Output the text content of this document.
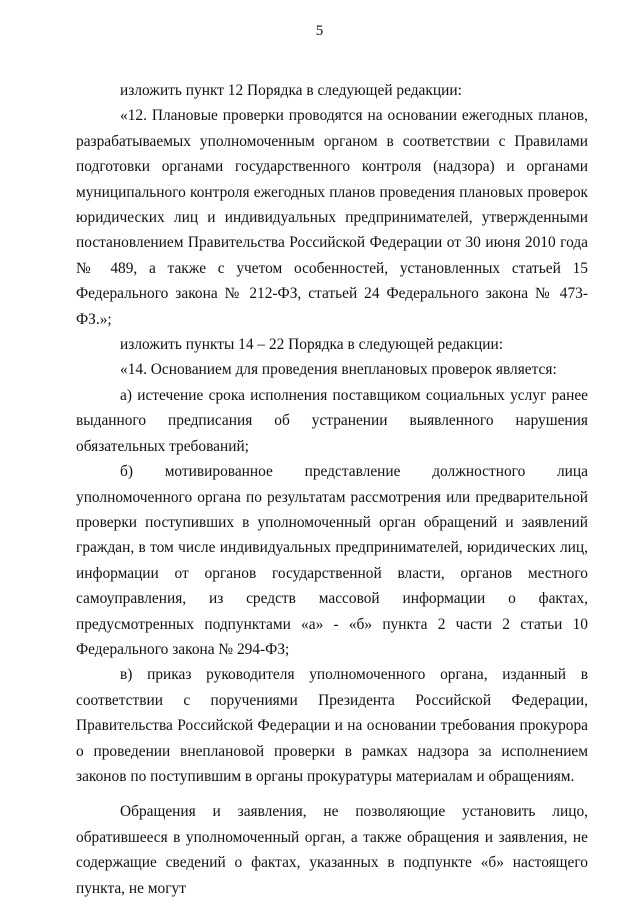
5

изложить пункт 12 Порядка в следующей редакции:

«12. Плановые проверки проводятся на основании ежегодных планов, разрабатываемых уполномоченным органом в соответствии с Правилами подготовки органами государственного контроля (надзора) и органами муниципального контроля ежегодных планов проведения плановых проверок юридических лиц и индивидуальных предпринимателей, утвержденными постановлением Правительства Российской Федерации от 30 июня 2010 года № 489, а также с учетом особенностей, установленных статьей 15 Федерального закона № 212-ФЗ, статьей 24 Федерального закона № 473-ФЗ.»;

изложить пункты 14 – 22 Порядка в следующей редакции:

«14. Основанием для проведения внеплановых проверок является:

а) истечение срока исполнения поставщиком социальных услуг ранее выданного предписания об устранении выявленного нарушения обязательных требований;

б) мотивированное представление должностного лица уполномоченного органа по результатам рассмотрения или предварительной проверки поступивших в уполномоченный орган обращений и заявлений граждан, в том числе индивидуальных предпринимателей, юридических лиц, информации от органов государственной власти, органов местного самоуправления, из средств массовой информации о фактах, предусмотренных подпунктами «а» - «б» пункта 2 части 2 статьи 10 Федерального закона № 294-ФЗ;

в) приказ руководителя уполномоченного органа, изданный в соответствии с поручениями Президента Российской Федерации, Правительства Российской Федерации и на основании требования прокурора о проведении внеплановой проверки в рамках надзора за исполнением законов по поступившим в органы прокуратуры материалам и обращениям.

Обращения и заявления, не позволяющие установить лицо, обратившееся в уполномоченный орган, а также обращения и заявления, не содержащие сведений о фактах, указанных в подпункте «б» настоящего пункта, не могут
